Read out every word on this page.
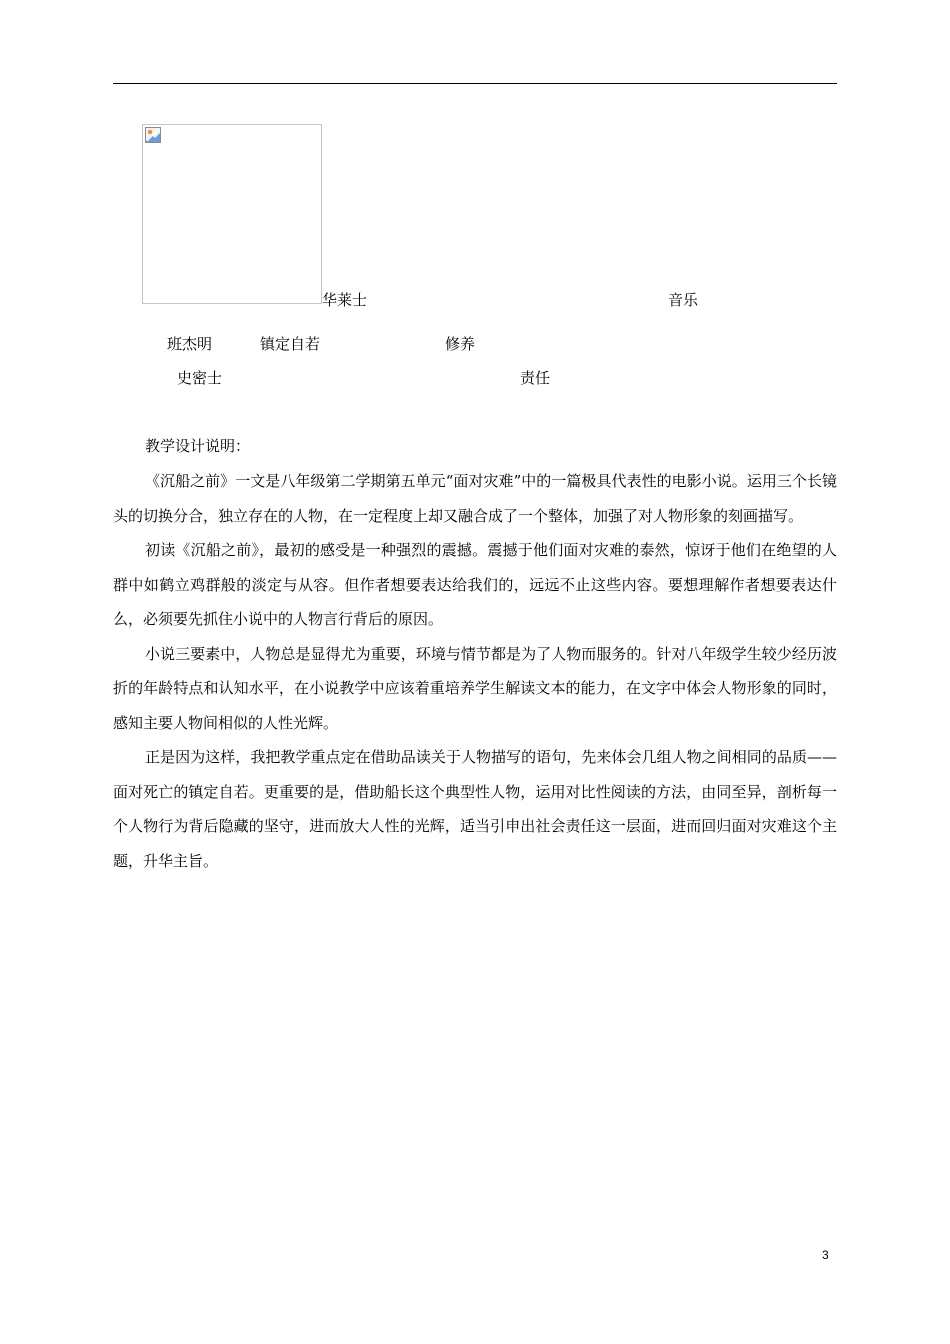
华莱士	音乐
班杰明	镇定自若	修养
史密士	责任
教学设计说明：

《沉船之前》一文是八年级第二学期第五单元“面对灾难”中的一篇极具代表性的电影小说。运用三个长镜头的切换分合，独立存在的人物，在一定程度上却又融合成了一个整体，加强了对人物形象的刻画描写。

初读《沉船之前》，最初的感受是一种强烈的震撼。震撼于他们面对灾难的泰然，惊讶于他们在绝望的人群中如鹤立鸡群般的淡定与从容。但作者想要表达给我们的，远远不止这些内容。要想理解作者想要表达什么，必须要先抓住小说中的人物言行背后的原因。

小说三要素中，人物总是显得尤为重要，环境与情节都是为了人物而服务的。针对八年级学生较少经历波折的年龄特点和认知水平，在小说教学中应该着重培养学生解读文本的能力，在文字中体会人物形象的同时，感知主要人物间相似的人性光辉。

正是因为这样，我把教学重点定在借助品读关于人物描写的语句，先来体会几组人物之间相同的品质——面对死亡的镇定自若。更重要的是，借助船长这个典型性人物，运用对比性阅读的方法，由同至异，剖析每一个人物行为背后隐藏的坚守，进而放大人性的光辉，适当引申出社会责任这一层面，进而回归面对灾难这个主题，升华主旨。

3
